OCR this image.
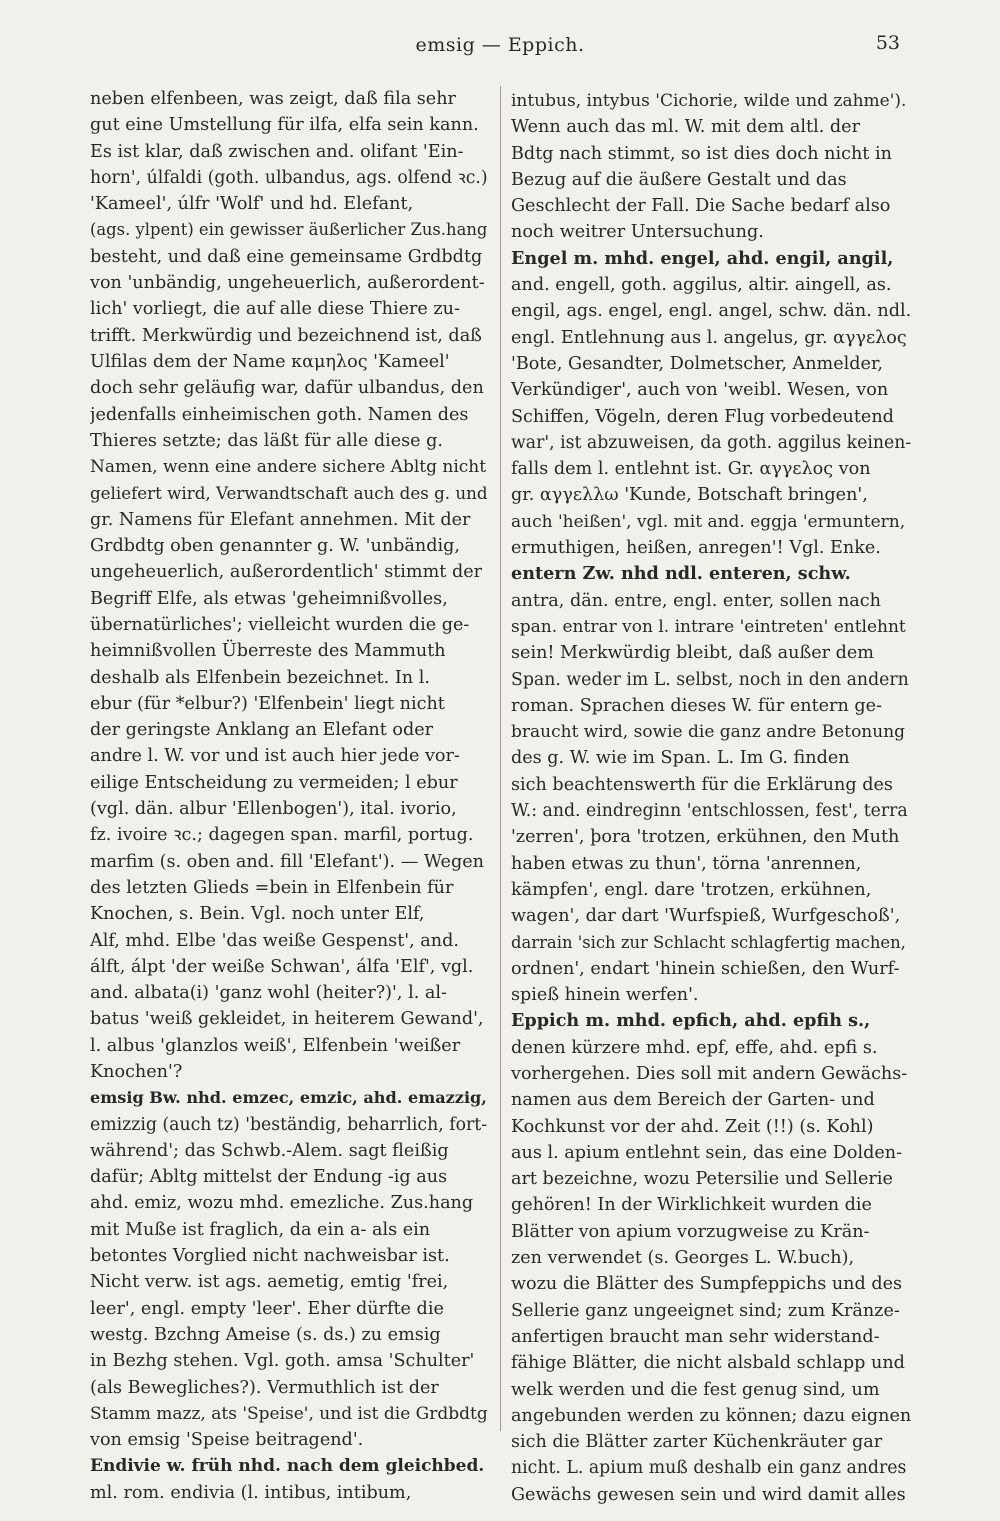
emsig — Eppich.	53
neben elfenbeen, was zeigt, daß fila sehr
gut eine Umstellung für ilfa, elfa sein kann.
Es ist klar, daß zwischen and. olifant 'Ein-
horn', úlfaldi (goth. ulbandus, ags. olfend ꝛc.)
'Kameel', úlfr 'Wolf' und hd. Elefant,
(ags. ylpent) ein gewisser äußerlicher Zus.hang
besteht, und daß eine gemeinsame Grdbdtg
von 'unbändig, ungeheuerlich, außerordent-
lich' vorliegt, die auf alle diese Thiere zu-
trifft. Merkwürdig und bezeichnend ist, daß
Ulfilas dem der Name καμηλος 'Kameel'
doch sehr geläufig war, dafür ulbandus, den
jedenfalls einheimischen goth. Namen des
Thieres setzte; das läßt für alle diese g.
Namen, wenn eine andere sichere Abltg nicht
geliefert wird, Verwandtschaft auch des g. und
gr. Namens für Elefant annehmen. Mit der
Grdbdtg oben genannter g. W. 'unbändig,
ungeheuerlich, außerordentlich' stimmt der
Begriff Elfe, als etwas 'geheimnißvolles,
übernatürliches'; vielleicht wurden die ge-
heimnißvollen Überreste des Mammuth
deshalb als Elfenbein bezeichnet. In l.
ebur (für *elbur?) 'Elfenbein' liegt nicht
der geringste Anklang an Elefant oder
andre l. W. vor und ist auch hier jede vor-
eilige Entscheidung zu vermeiden; l ebur
(vgl. dän. albur 'Ellenbogen'), ital. ivorio,
fz. ivoire ꝛc.; dagegen span. marfil, portug.
marfim (s. oben and. fill 'Elefant'). — Wegen
des letzten Glieds =bein in Elfenbein für
Knochen, s. Bein. Vgl. noch unter Elf,
Alf, mhd. Elbe 'das weiße Gespenst', and.
álft, álpt 'der weiße Schwan', álfa 'Elf', vgl.
and. albata(i) 'ganz wohl (heiter?)', l. al-
batus 'weiß gekleidet, in heiterem Gewand',
l. albus 'glanzlos weiß', Elfenbein 'weißer
Knochen'?
emsig Bw. nhd. emzec, emzic, ahd. emazzig,
emizzig (auch tz) 'beständig, beharrlich, fort-
während'; das Schwb.-Alem. sagt fleißig
dafür; Abltg mittelst der Endung -ig aus
ahd. emiz, wozu mhd. emezliche. Zus.hang
mit Muße ist fraglich, da ein a- als ein
betontes Vorglied nicht nachweisbar ist.
Nicht verw. ist ags. aemetig, emtig 'frei,
leer', engl. empty 'leer'. Eher dürfte die
westg. Bzchng Ameise (s. ds.) zu emsig
in Bezhg stehen. Vgl. goth. amsa 'Schulter'
(als Bewegliches?). Vermuthlich ist der
Stamm mazz, ats 'Speise', und ist die Grdbdtg
von emsig 'Speise beitragend'.
Endivie w. früh nhd. nach dem gleichbed.
ml. rom. endivia (l. intibus, intibum,
intubus, intybus 'Cichorie, wilde und zahme').
Wenn auch das ml. W. mit dem altl. der
Bdtg nach stimmt, so ist dies doch nicht in
Bezug auf die äußere Gestalt und das
Geschlecht der Fall. Die Sache bedarf also
noch weitrer Untersuchung.
Engel m. mhd. engel, ahd. engil, angil,
and. engell, goth. aggilus, altir. aingell, as.
engil, ags. engel, engl. angel, schw. dän. ndl.
engl. Entlehnung aus l. angelus, gr. αγγελος
'Bote, Gesandter, Dolmetscher, Anmelder,
Verkündiger', auch von 'weibl. Wesen, von
Schiffen, Vögeln, deren Flug vorbedeutend
war', ist abzuweisen, da goth. aggilus keinen-
falls dem l. entlehnt ist. Gr. αγγελος von
gr. αγγελλω 'Kunde, Botschaft bringen',
auch 'heißen', vgl. mit and. eggja 'ermuntern,
ermuthigen, heißen, anregen'! Vgl. Enke.
entern Zw. nhd ndl. enteren, schw.
antra, dän. entre, engl. enter, sollen nach
span. entrar von l. intrare 'eintreten' entlehnt
sein! Merkwürdig bleibt, daß außer dem
Span. weder im L. selbst, noch in den andern
roman. Sprachen dieses W. für entern ge-
braucht wird, sowie die ganz andre Betonung
des g. W. wie im Span. L. Im G. finden
sich beachtenswerth für die Erklärung des
W.: and. eindreginn 'entschlossen, fest', terra
'zerren', þora 'trotzen, erkühnen, den Muth
haben etwas zu thun', törna 'anrennen,
kämpfen', engl. dare 'trotzen, erkühnen,
wagen', dar dart 'Wurfspieß, Wurfgeschoß',
darrain 'sich zur Schlacht schlagfertig machen,
ordnen', endart 'hinein schießen, den Wurf-
spieß hinein werfen'.
Eppich m. mhd. epfich, ahd. epfih s.,
denen kürzere mhd. epf, effe, ahd. epfi s.
vorhergehen. Dies soll mit andern Gewächs-
namen aus dem Bereich der Garten- und
Kochkunst vor der ahd. Zeit (!!) (s. Kohl)
aus l. apium entlehnt sein, das eine Dolden-
art bezeichne, wozu Petersilie und Sellerie
gehören! In der Wirklichkeit wurden die
Blätter von apium vorzugweise zu Krän-
zen verwendet (s. Georges L. W.buch),
wozu die Blätter des Sumpfeppichs und des
Sellerie ganz ungeeignet sind; zum Kränze-
anfertigen braucht man sehr widerstand-
fähige Blätter, die nicht alsbald schlapp und
welk werden und die fest genug sind, um
angebunden werden zu können; dazu eignen
sich die Blätter zarter Küchenkräuter gar
nicht. L. apium muß deshalb ein ganz andres
Gewächs gewesen sein und wird damit alles
